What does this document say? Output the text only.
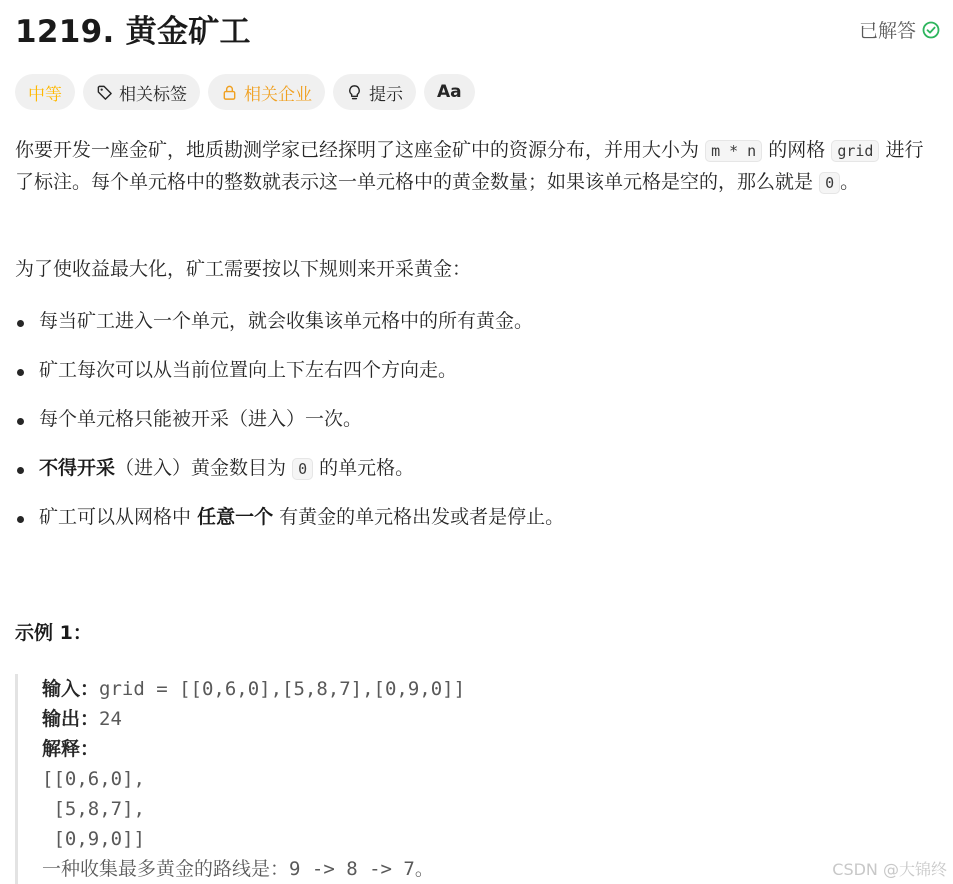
1219. 黄金矿工	已解答
中等	相关标签	相关企业	提示 Aa
你要开发一座金矿，地质勘测学家已经探明了这座金矿中的资源分布，并用大小为 m * n 的网格 grid 进行了标注。每个单元格中的整数就表示这一单元格中的黄金数量；如果该单元格是空的，那么就是 0 。
为了使收益最大化，矿工需要按以下规则来开采黄金：
每当矿工进入一个单元，就会收集该单元格中的所有黄金。
矿工每次可以从当前位置向上下左右四个方向走。
每个单元格只能被开采（进入）一次。
不得开采（进入）黄金数目为 0 的单元格。
矿工可以从网格中 任意一个 有黄金的单元格出发或者是停止。
示例 1：
输入：grid = [[0,6,0],[5,8,7],[0,9,0]]
输出：24
解释：
[[0,6,0],
[5,8,7],
[0,9,0]]
一种收集最多黄金的路线是：9 -> 8 -> 7。	CSDN @大锦终
